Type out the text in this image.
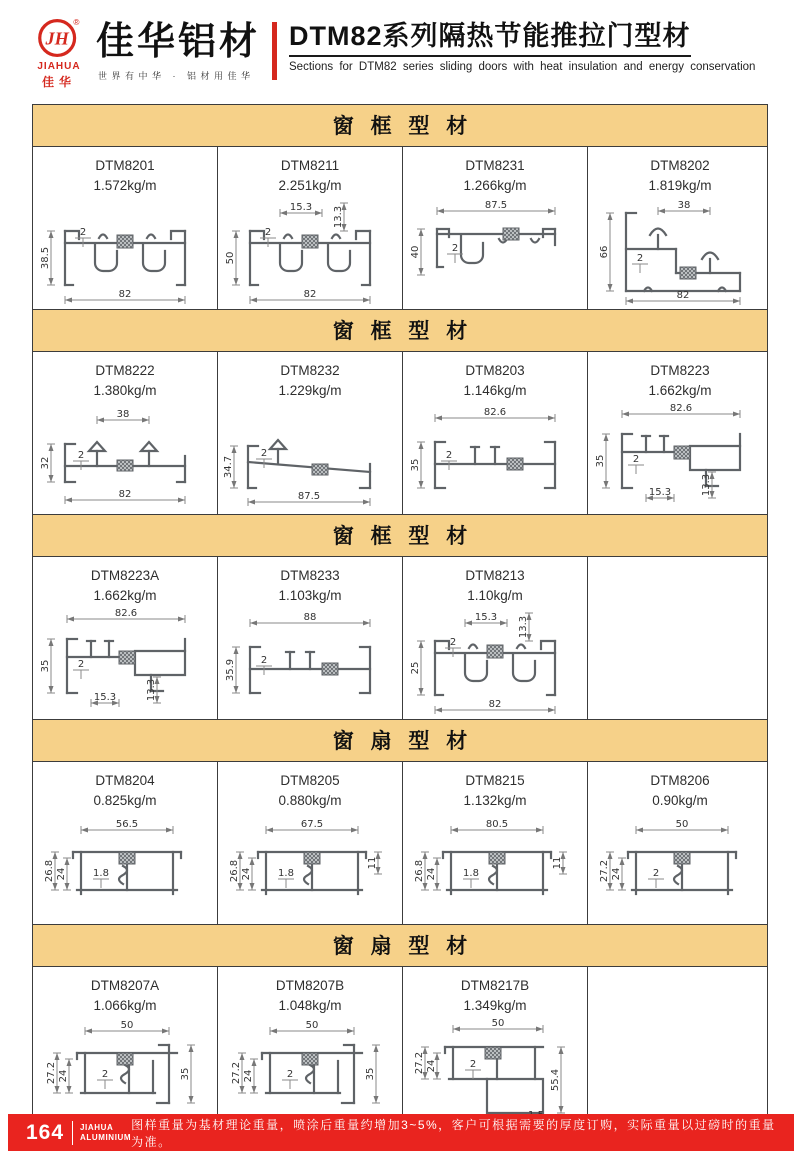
JH
®
JIAHUA
佳华
佳华铝材
世界有中华 · 铝材用佳华
DTM82系列隔热节能推拉门型材
Sections for DTM82 series sliding doors with heat insulation and energy conservation
窗框型材
DTM8201
1.572kg/m
38.5
2
82
DTM8211
2.251kg/m
15.3 13.3
2
50
82
DTM8231
1.266kg/m
87.5
2
40
DTM8202
1.819kg/m
38
66
2
82
窗框型材
DTM8222
1.380kg/m
38
2
32
82
DTM8232
1.229kg/m
34.7
2
87.5
DTM8203
1.146kg/m
82.6
35
2
DTM8223
1.662kg/m
82.6
35	2
15.3	13.3
窗框型材
DTM8223A
1.662kg/m
82.6
35	2
15.3	13.3
DTM8233
1.103kg/m
88
35.9 2
DTM8213
1.10kg/m
15.3 13.3
25
2
82
窗扇型材
DTM8204
0.825kg/m
56.5
26.8 24	1.8
DTM8205
0.880kg/m
67.5
26.8 24	1.8
11
DTM8215
1.132kg/m
80.5
26.8 24	1.8
11
DTM8206
0.90kg/m
50
27.2 24	2
窗扇型材
DTM8207A
1.066kg/m
50
27.2 24	2	35
DTM8207B
1.048kg/m
50
27.2 24	2	35
DTM8217B
1.349kg/m
50
27.2 24	2
55.4
164 JIAHUA
ALUMINIUM
图样重量为基材理论重量，喷涂后重量约增加3~5%，客户可根据需要的厚度订购，实际重量以过磅时的重量为准。
